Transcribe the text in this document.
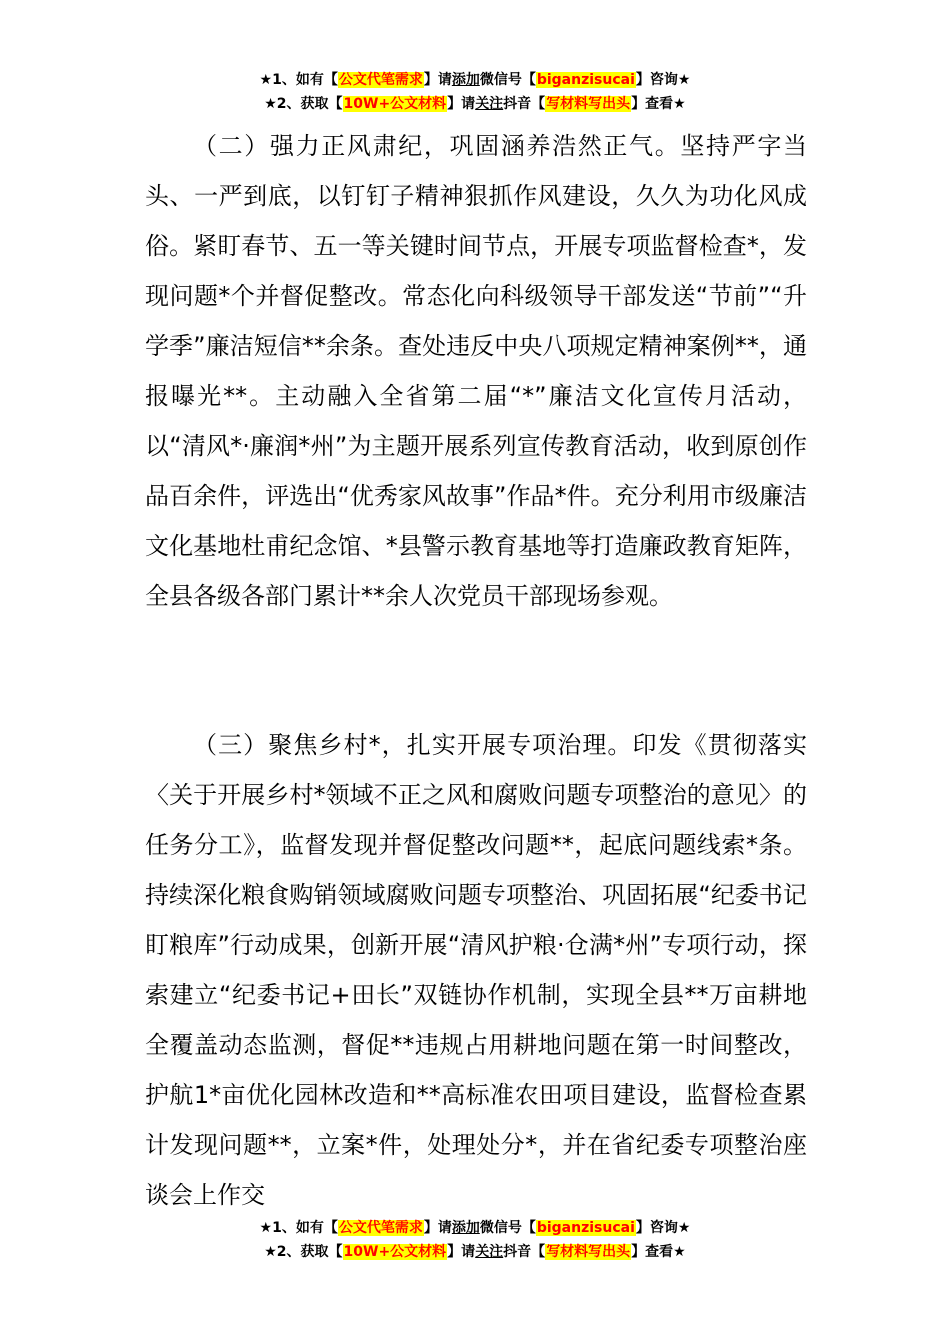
★1、如有【公文代笔需求】请添加微信号【biganzisucai】咨询★
★2、获取【10W+公文材料】请关注抖音【写材料写出头】查看★

（二）强力正风肃纪，巩固涵养浩然正气。坚持严字当头、一严到底，以钉钉子精神狠抓作风建设，久久为功化风成俗。紧盯春节、五一等关键时间节点，开展专项监督检查*，发现问题*个并督促整改。常态化向科级领导干部发送“节前”“升学季”廉洁短信**余条。查处违反中央八项规定精神案例**，通报曝光**。主动融入全省第二届“*”廉洁文化宣传月活动，以“清风*·廉润*州”为主题开展系列宣传教育活动，收到原创作品百余件，评选出“优秀家风故事”作品*件。充分利用市级廉洁文化基地杜甫纪念馆、*县警示教育基地等打造廉政教育矩阵，全县各级各部门累计**余人次党员干部现场参观。

（三）聚焦乡村*，扎实开展专项治理。印发《贯彻落实〈关于开展乡村*领域不正之风和腐败问题专项整治的意见〉的任务分工》，监督发现并督促整改问题**，起底问题线索*条。持续深化粮食购销领域腐败问题专项整治、巩固拓展“纪委书记盯粮库”行动成果，创新开展“清风护粮·仓满*州”专项行动，探索建立“纪委书记+田长”双链协作机制，实现全县**万亩耕地全覆盖动态监测，督促**违规占用耕地问题在第一时间整改，护航1*亩优化园林改造和**高标准农田项目建设，监督检查累计发现问题**，立案*件，处理处分*，并在省纪委专项整治座谈会上作交

★1、如有【公文代笔需求】请添加微信号【biganzisucai】咨询★
★2、获取【10W+公文材料】请关注抖音【写材料写出头】查看★
